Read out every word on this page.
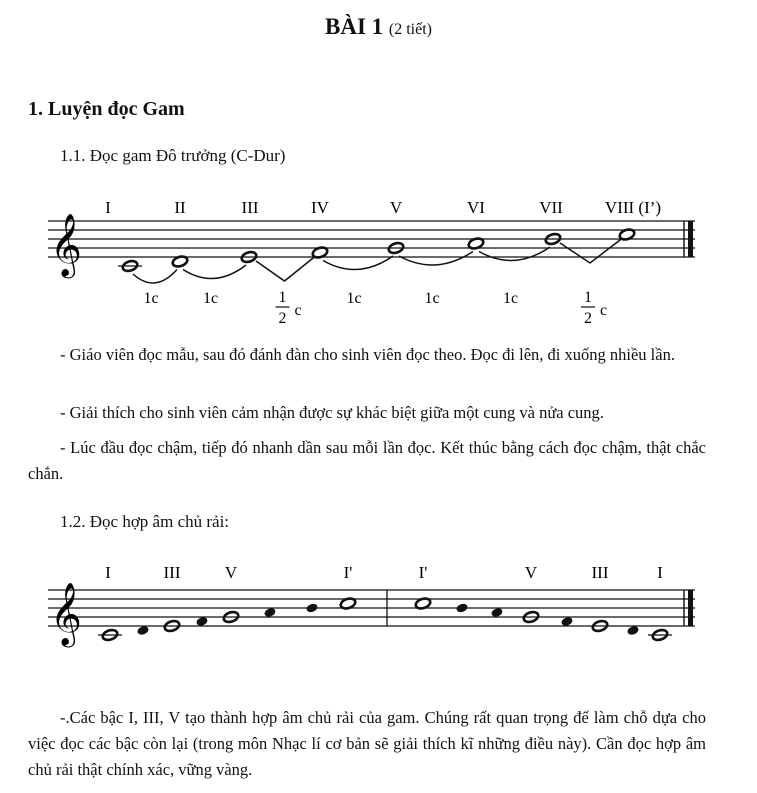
BÀI 1 (2 tiết)
1. Luyện đọc Gam
1.1. Đọc gam Đô trưởng (C-Dur)
𝄞
I	II	III	IV	V	VI	VII VIII (I’)
1c	1c	1
2 c
1c	1c	1c	1
2 c
- Giáo viên đọc mẫu, sau đó đánh đàn cho sinh viên đọc theo. Đọc đi lên, đi xuống nhiều lần.
- Giải thích cho sinh viên cảm nhận được sự khác biệt giữa một cung và nửa cung.
- Lúc đầu đọc chậm, tiếp đó nhanh dần sau mỗi lần đọc. Kết thúc bằng cách đọc chậm, thật chắc chắn.
1.2. Đọc hợp âm chủ rải:
𝄞
I	III	V	I'	I'	V	III	I
-.Các bậc I, III, V tạo thành hợp âm chủ rải của gam. Chúng rất quan trọng để làm chỗ dựa cho việc đọc các bậc còn lại (trong môn Nhạc lí cơ bản sẽ giải thích kĩ những điều này). Cần đọc hợp âm chủ rải thật chính xác, vững vàng.
